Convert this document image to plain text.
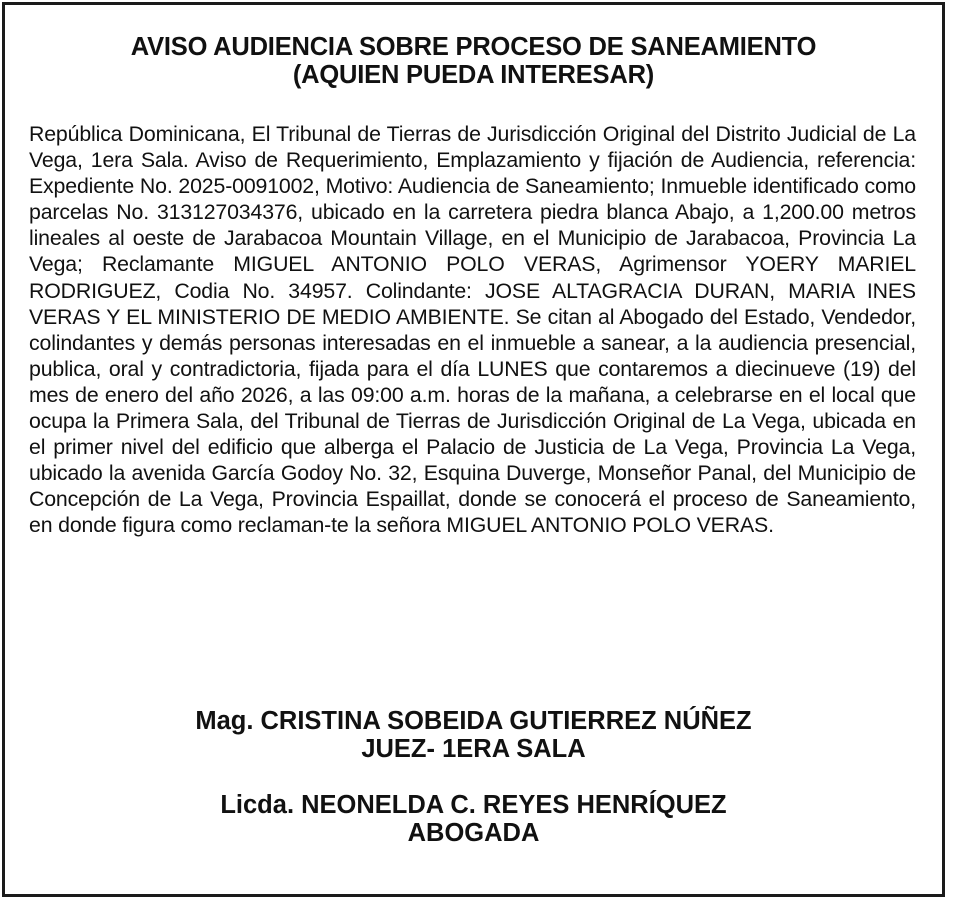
AVISO AUDIENCIA SOBRE PROCESO DE SANEAMIENTO
(AQUIEN PUEDA INTERESAR)

República Dominicana, El Tribunal de Tierras de Jurisdicción Original del Distrito Judicial de La Vega, 1era Sala. Aviso de Requerimiento, Emplazamiento y fijación de Audiencia, referencia: Expediente No. 2025-0091002, Motivo: Audiencia de Saneamiento; Inmueble identificado como parcelas No. 313127034376, ubicado en la carretera piedra blanca Abajo, a 1,200.00 metros lineales al oeste de Jarabacoa Mountain Village, en el Municipio de Jarabacoa, Provincia La Vega; Reclamante MIGUEL ANTONIO POLO VERAS, Agrimensor YOERY MARIEL RODRIGUEZ, Codia No. 34957. Colindante: JOSE ALTAGRACIA DURAN, MARIA INES VERAS Y EL MINISTERIO DE MEDIO AMBIENTE. Se citan al Abogado del Estado, Vendedor, colindantes y demás personas interesadas en el inmueble a sanear, a la audiencia presencial, publica, oral y contradictoria, fijada para el día LUNES que contaremos a diecinueve (19) del mes de enero del año 2026, a las 09:00 a.m. horas de la mañana, a celebrarse en el local que ocupa la Primera Sala, del Tribunal de Tierras de Jurisdicción Original de La Vega, ubicada en el primer nivel del edificio que alberga el Palacio de Justicia de La Vega, Provincia La Vega, ubicado la avenida García Godoy No. 32, Esquina Duverge, Monseñor Panal, del Municipio de Concepción de La Vega, Provincia Espaillat, donde se conocerá el proceso de Saneamiento, en donde figura como reclaman-te la señora MIGUEL ANTONIO POLO VERAS.

Mag. CRISTINA SOBEIDA GUTIERREZ NÚÑEZ
JUEZ- 1ERA SALA
Licda. NEONELDA C. REYES HENRÍQUEZ
ABOGADA
